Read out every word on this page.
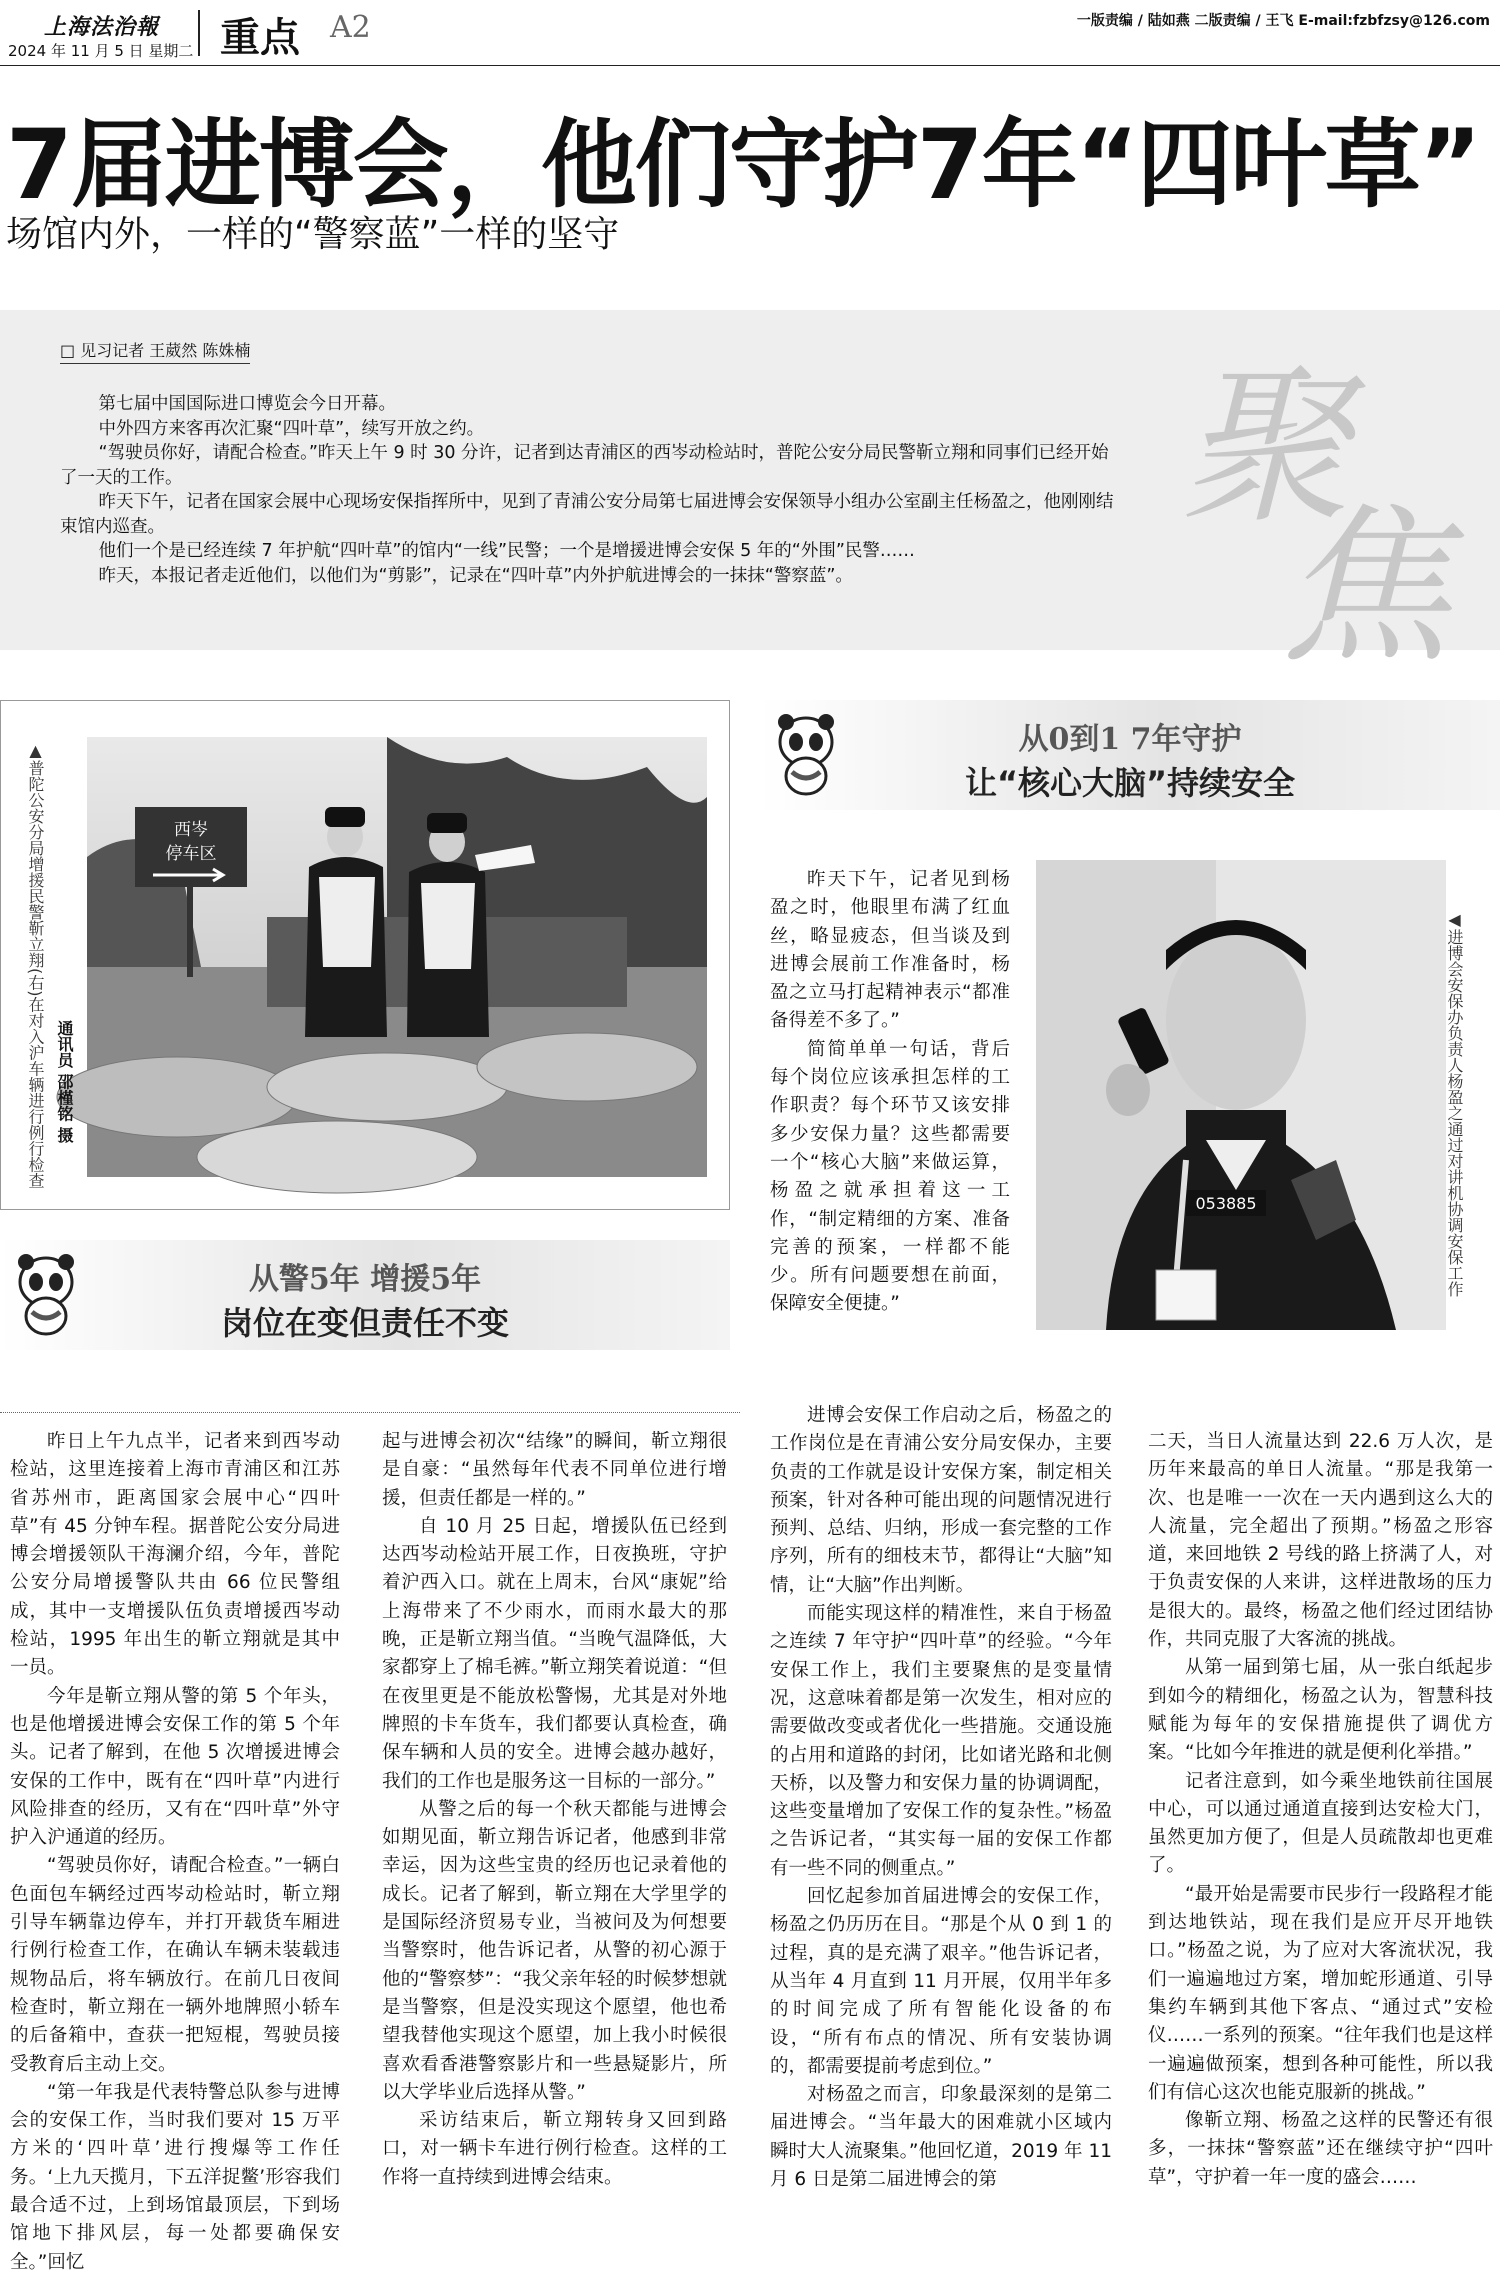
上海法治報
2024 年 11 月 5 日 星期二 重点 A2	一版责编 / 陆如燕 二版责编 / 王飞 E-mail:fzbfzsy@126.com
7届进博会，他们守护7年“四叶草”
场馆内外，一样的“警察蓝”一样的坚守
□ 见习记者 王葳然 陈姝楠

第七届中国国际进口博览会今日开幕。

中外四方来客再次汇聚“四叶草”，续写开放之约。

“驾驶员你好，请配合检查。”昨天上午 9 时 30 分许，记者到达青浦区的西岑动检站时，普陀公安分局民警靳立翔和同事们已经开始了一天的工作。

昨天下午，记者在国家会展中心现场安保指挥所中，见到了青浦公安分局第七届进博会安保领导小组办公室副主任杨盈之，他刚刚结束馆内巡查。

他们一个是已经连续 7 年护航“四叶草”的馆内“一线”民警；一个是增援进博会安保 5 年的“外围”民警……

昨天，本报记者走近他们，以他们为“剪影”，记录在“四叶草”内外护航进博会的一抹抹“警察蓝”。

聚
焦
▲普陀公安分局增援民警靳立翔(右)在对入沪车辆进行例行检查	西岑
停车区
通讯员 邵槿铭 摄
从0到1 7年守护
让“核心大脑”持续安全
053885	◀进博会安保办负责人杨盈之通过对讲机协调安保工作
从警5年 增援5年
岗位在变但责任不变

昨日上午九点半，记者来到西岑动检站，这里连接着上海市青浦区和江苏省苏州市，距离国家会展中心“四叶草”有 45 分钟车程。据普陀公安分局进博会增援领队干海澜介绍，今年，普陀公安分局增援警队共由 66 位民警组成，其中一支增援队伍负责增援西岑动检站，1995 年出生的靳立翔就是其中一员。

今年是靳立翔从警的第 5 个年头，也是他增援进博会安保工作的第 5 个年头。记者了解到，在他 5 次增援进博会安保的工作中，既有在“四叶草”内进行风险排查的经历，又有在“四叶草”外守护入沪通道的经历。

“驾驶员你好，请配合检查。”一辆白色面包车辆经过西岑动检站时，靳立翔引导车辆靠边停车，并打开载货车厢进行例行检查工作，在确认车辆未装载违规物品后，将车辆放行。在前几日夜间检查时，靳立翔在一辆外地牌照小轿车的后备箱中，查获一把短棍，驾驶员接受教育后主动上交。

“第一年我是代表特警总队参与进博会的安保工作，当时我们要对 15 万平方米的‘四叶草’进行搜爆等工作任务。‘上九天揽月，下五洋捉鳖’形容我们最合适不过，上到场馆最顶层，下到场馆地下排风层，每一处都要确保安全。”回忆

起与进博会初次“结缘”的瞬间，靳立翔很是自豪：“虽然每年代表不同单位进行增援，但责任都是一样的。”

自 10 月 25 日起，增援队伍已经到达西岑动检站开展工作，日夜换班，守护着沪西入口。就在上周末，台风“康妮”给上海带来了不少雨水，而雨水最大的那晚，正是靳立翔当值。“当晚气温降低，大家都穿上了棉毛裤。”靳立翔笑着说道：“但在夜里更是不能放松警惕，尤其是对外地牌照的卡车货车，我们都要认真检查，确保车辆和人员的安全。进博会越办越好，我们的工作也是服务这一目标的一部分。”

从警之后的每一个秋天都能与进博会如期见面，靳立翔告诉记者，他感到非常幸运，因为这些宝贵的经历也记录着他的成长。记者了解到，靳立翔在大学里学的是国际经济贸易专业，当被问及为何想要当警察时，他告诉记者，从警的初心源于他的“警察梦”：“我父亲年轻的时候梦想就是当警察，但是没实现这个愿望，他也希望我替他实现这个愿望，加上我小时候很喜欢看香港警察影片和一些悬疑影片，所以大学毕业后选择从警。”

采访结束后，靳立翔转身又回到路口，对一辆卡车进行例行检查。这样的工作将一直持续到进博会结束。

昨天下午，记者见到杨盈之时，他眼里布满了红血丝，略显疲态，但当谈及到进博会展前工作准备时，杨盈之立马打起精神表示“都准备得差不多了。”

简简单单一句话，背后每个岗位应该承担怎样的工作职责？每个环节又该安排多少安保力量？这些都需要一个“核心大脑”来做运算，杨盈之就承担着这一工作，“制定精细的方案、准备完善的预案，一样都不能少。所有问题要想在前面，保障安全便捷。”

进博会安保工作启动之后，杨盈之的工作岗位是在青浦公安分局安保办，主要负责的工作就是设计安保方案，制定相关预案，针对各种可能出现的问题情况进行预判、总结、归纳，形成一套完整的工作序列，所有的细枝末节，都得让“大脑”知情，让“大脑”作出判断。

而能实现这样的精准性，来自于杨盈之连续 7 年守护“四叶草”的经验。“今年安保工作上，我们主要聚焦的是变量情况，这意味着都是第一次发生，相对应的需要做改变或者优化一些措施。交通设施的占用和道路的封闭，比如诸光路和北侧天桥，以及警力和安保力量的协调调配，这些变量增加了安保工作的复杂性。”杨盈之告诉记者，“其实每一届的安保工作都有一些不同的侧重点。”

回忆起参加首届进博会的安保工作，杨盈之仍历历在目。“那是个从 0 到 1 的过程，真的是充满了艰辛。”他告诉记者，从当年 4 月直到 11 月开展，仅用半年多的时间完成了所有智能化设备的布设，“所有布点的情况、所有安装协调的，都需要提前考虑到位。”

对杨盈之而言，印象最深刻的是第二届进博会。“当年最大的困难就小区域内瞬时大人流聚集。”他回忆道，2019 年 11 月 6 日是第二届进博会的第

二天，当日人流量达到 22.6 万人次，是历年来最高的单日人流量。“那是我第一次、也是唯一一次在一天内遇到这么大的人流量，完全超出了预期。”杨盈之形容道，来回地铁 2 号线的路上挤满了人，对于负责安保的人来讲，这样进散场的压力是很大的。最终，杨盈之他们经过团结协作，共同克服了大客流的挑战。

从第一届到第七届，从一张白纸起步到如今的精细化，杨盈之认为，智慧科技赋能为每年的安保措施提供了调优方案。“比如今年推进的就是便利化举措。”

记者注意到，如今乘坐地铁前往国展中心，可以通过通道直接到达安检大门，虽然更加方便了，但是人员疏散却也更难了。

“最开始是需要市民步行一段路程才能到达地铁站，现在我们是应开尽开地铁口。”杨盈之说，为了应对大客流状况，我们一遍遍地过方案，增加蛇形通道、引导集约车辆到其他下客点、“通过式”安检仪……一系列的预案。“往年我们也是这样一遍遍做预案，想到各种可能性，所以我们有信心这次也能克服新的挑战。”

像靳立翔、杨盈之这样的民警还有很多，一抹抹“警察蓝”还在继续守护“四叶草”，守护着一年一度的盛会……
